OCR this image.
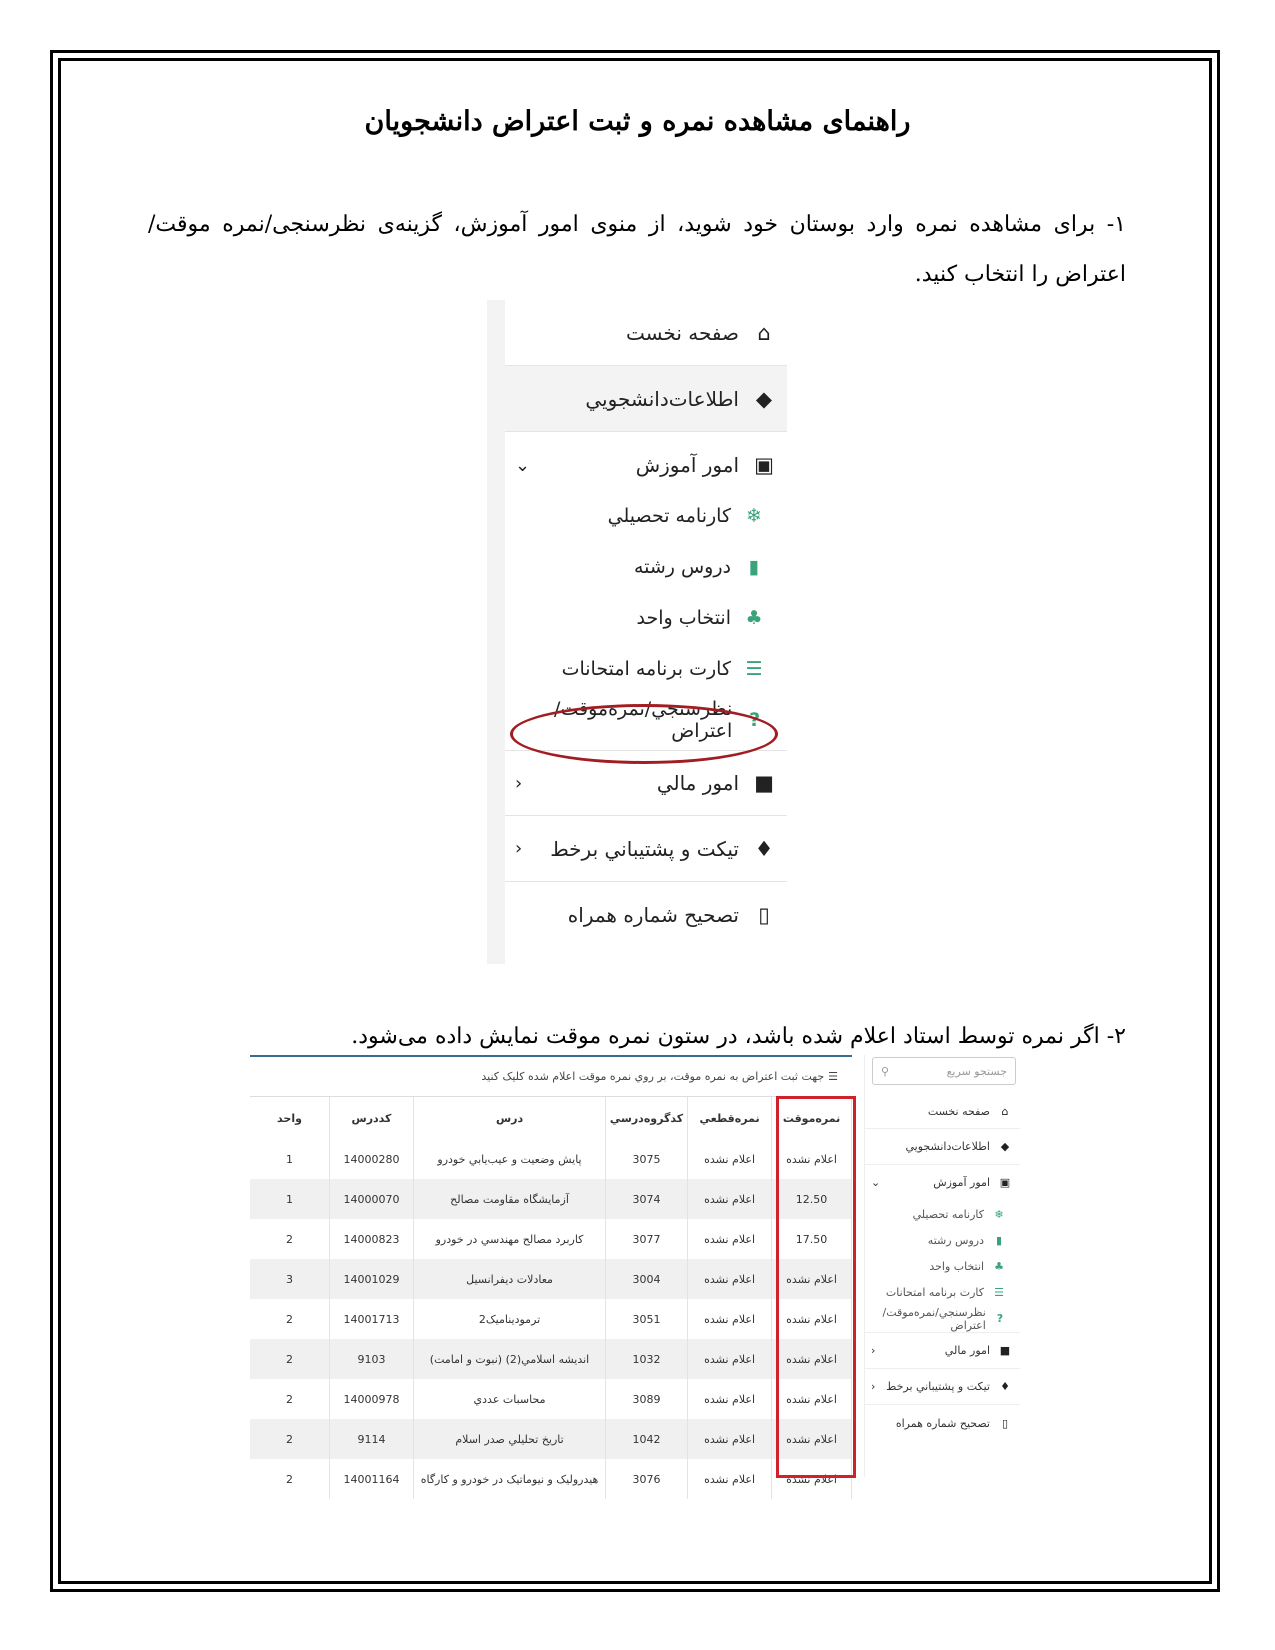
راهنمای مشاهده نمره و ثبت اعتراض دانشجویان
۱- برای مشاهده نمره وارد بوستان خود شوید، از منوی امور آموزش، گزینه‌ی نظرسنجی/نمره موقت/ اعتراض را انتخاب کنید.
⌂
صفحه نخست
◆
اطلاعات‌دانشجويي
▣
امور آموزش
⌄
❄
كارنامه تحصيلي
▮
دروس رشته
♣
انتخاب واحد
☰
كارت برنامه امتحانات
?
نظرسنجي/نمره‌موقت/اعتراض
■
امور مالي
‹
♦
تيكت و پشتيباني برخط
‹
▯
تصحيح شماره همراه
۲- اگر نمره توسط استاد اعلام شده باشد، در ستون نمره موقت نمایش داده می‌شود.
جستجو سريع
⚲
⌂
صفحه نخست
◆
اطلاعات‌دانشجويي
▣
امور آموزش
⌄
❄
كارنامه تحصيلي
▮
دروس رشته
♣
انتخاب واحد
☰
كارت برنامه امتحانات
?
نظرسنجي/نمره‌موقت/اعتراض
■
امور مالي
‹
♦
تيكت و پشتيباني برخط
‹
▯
تصحيح شماره همراه
☰
جهت ثبت اعتراض به نمره موقت، بر روي نمره موقت اعلام شده كليک كنيد
نمره‌موقت	نمره‌قطعي	كدگروه‌درسي	درس	كددرس	واحد
اعلام نشده	اعلام نشده	3075	پایش وضعيت و عيب‌يابي خودرو	14000280	1
12.50	اعلام نشده	3074	آزمايشگاه مقاومت مصالح	14000070	1
17.50	اعلام نشده	3077	كاربرد مصالح مهندسي در خودرو	14000823	2
اعلام نشده	اعلام نشده	3004	معادلات ديفرانسيل	14001029	3
اعلام نشده	اعلام نشده	3051	ترموديناميک2	14001713	2
اعلام نشده	اعلام نشده	1032	انديشه اسلامي(2) (نبوت و امامت)	9103	2
اعلام نشده	اعلام نشده	3089	محاسبات عددي	14000978	2
اعلام نشده	اعلام نشده	1042	تاريخ تحليلي صدر اسلام	9114	2
اعلام نشده	اعلام نشده	3076	هيدروليک و نيوماتيک در خودرو و كارگاه	14001164	2
